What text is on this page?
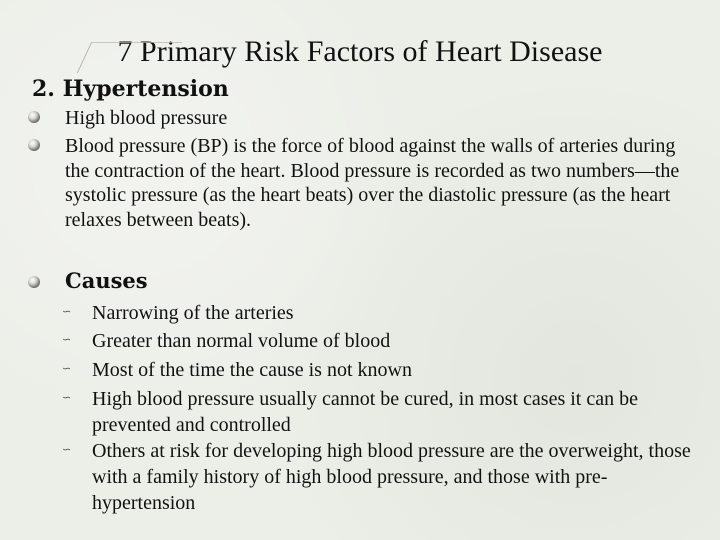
7 Primary Risk Factors of Heart Disease
2. Hypertension
High blood pressure
Blood pressure (BP) is the force of blood against the walls of arteries during the contraction of the heart. Blood pressure is recorded as two numbers—the systolic pressure (as the heart beats) over the diastolic pressure (as the heart relaxes between beats).
Causes
∽	Narrowing of the arteries
∽	Greater than normal volume of blood
∽	Most of the time the cause is not known
∽	High blood pressure usually cannot be cured, in most cases it can be prevented and controlled
∽	Others at risk for developing high blood pressure are the overweight, those with a family history of high blood pressure, and those with pre-hypertension
